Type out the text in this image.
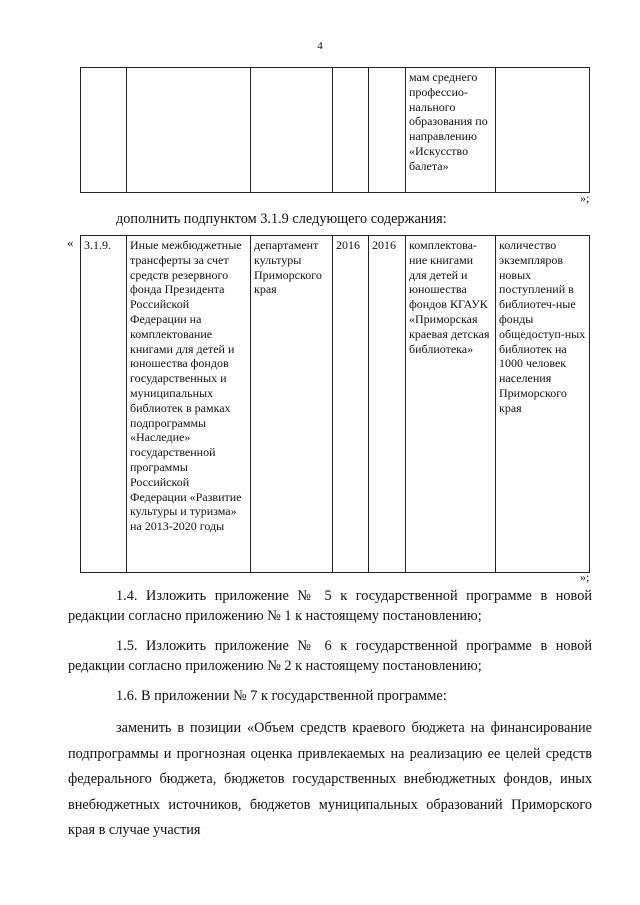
4
					мам среднего профессио-нального образования по направлению «Искусство балета»	
»;
дополнить подпунктом 3.1.9 следующего содержания:
« 3.1.9.	Иные межбюджетные трансферты за счет средств резервного фонда Президента Российской Федерации на комплектование книгами для детей и юношества фондов государственных и муниципальных библиотек в рамках подпрограммы «Наследие» государственной программы Российской Федерации «Развитие культуры и туризма» на 2013-2020 годы	департамент культуры Приморского края	2016	2016	комплектова-ние книгами для детей и юношества фондов КГАУК «Приморская краевая детская библиотека»	количество экземпляров новых поступлений в библиотеч-ные фонды общедоступ-ных библиотек на 1000 человек населения Приморского края
»;
1.4. Изложить приложение № 5 к государственной программе в новой редакции согласно приложению № 1 к настоящему постановлению;
1.5. Изложить приложение № 6 к государственной программе в новой редакции согласно приложению № 2 к настоящему постановлению;
1.6. В приложении № 7 к государственной программе:
заменить в позиции «Объем средств краевого бюджета на финансирование подпрограммы и прогнозная оценка привлекаемых на реализацию ее целей средств федерального бюджета, бюджетов государственных внебюджетных фондов, иных внебюджетных источников, бюджетов муниципальных образований Приморского края в случае участия
